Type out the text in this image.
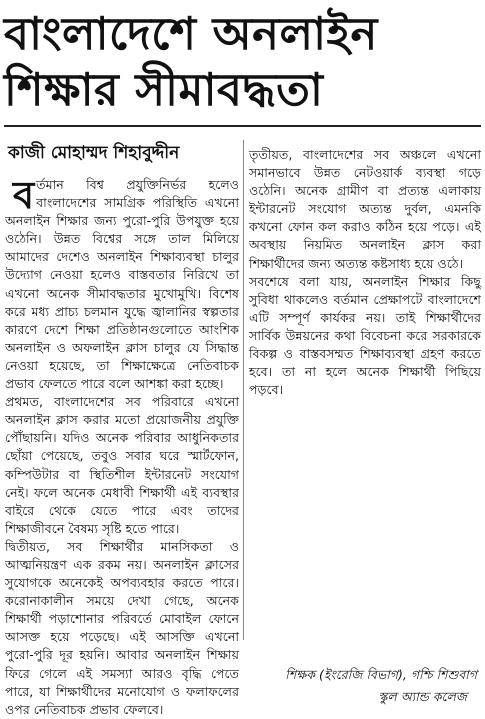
বাংলাদেশে অনলাইন
শিক্ষার সীমাবদ্ধতা
কাজী মোহাম্মদ শিহাবুদ্দীন

বর্তমান বিশ্ব প্রযুক্তিনির্ভর হলেও বাংলাদেশের সামগ্রিক পরিস্থিতি এখনো অনলাইন শিক্ষার জন্য পুরো-পুরি উপযুক্ত হয়ে ওঠেনি। উন্নত বিশ্বের সঙ্গে তাল মিলিয়ে আমাদের দেশেও অনলাইন শিক্ষাব্যবস্থা চালুর উদ্যোগ নেওয়া হলেও বাস্তবতার নিরিখে তা এখনো অনেক সীমাবদ্ধতার মুখোমুখি। বিশেষ করে মধ্য প্রাচ্য চলমান যুদ্ধে জ্বালানির স্বল্পতার কারণে দেশে শিক্ষা প্রতিষ্ঠানগুলোতে আংশিক অনলাইন ও অফলাইন ক্লাস চালুর যে সিদ্ধান্ত নেওয়া হয়েছে, তা শিক্ষাক্ষেত্রে নেতিবাচক প্রভাব ফেলতে পারে বলে আশঙ্কা করা হচ্ছে।

প্রথমত, বাংলাদেশের সব পরিবারে এখনো অনলাইন ক্লাস করার মতো প্রয়োজনীয় প্রযুক্তি পৌঁছায়নি। যদিও অনেক পরিবার আধুনিকতার ছোঁয়া পেয়েছে, তবুও সবার ঘরে স্মার্টফোন, কম্পিউটার বা স্থিতিশীল ইন্টারনেট সংযোগ নেই। ফলে অনেক মেধাবী শিক্ষার্থী এই ব্যবস্থার বাইরে থেকে যেতে পারে এবং তাদের শিক্ষাজীবনে বৈষম্য সৃষ্টি হতে পারে।

দ্বিতীয়ত, সব শিক্ষার্থীর মানসিকতা ও আত্মনিয়ন্ত্রণ এক রকম নয়। অনলাইন ক্লাসের সুযোগকে অনেকেই অপব্যবহার করতে পারে। করোনাকালীন সময়ে দেখা গেছে, অনেক শিক্ষার্থী পড়াশোনার পরিবর্তে মোবাইল ফোনে আসক্ত হয়ে পড়েছে। এই আসক্তি এখনো পুরো-পুরি দূর হয়নি। আবার অনলাইন শিক্ষায় ফিরে গেলে এই সমস্যা আরও বৃদ্ধি পেতে পারে, যা শিক্ষার্থীদের মনোযোগ ও ফলাফলের ওপর নেতিবাচক প্রভাব ফেলবে।

তৃতীয়ত, বাংলাদেশের সব অঞ্চলে এখনো সমানভাবে উন্নত নেটওয়ার্ক ব্যবস্থা গড়ে ওঠেনি। অনেক গ্রামীণ বা প্রত্যন্ত এলাকায় ইন্টারনেট সংযোগ অত্যন্ত দুর্বল, এমনকি কখনো ফোন কল করাও কঠিন হয়ে পড়ে। এই অবস্থায় নিয়মিত অনলাইন ক্লাস করা শিক্ষার্থীদের জন্য অত্যন্ত কষ্টসাধ্য হয়ে ওঠে।

সবশেষে বলা যায়, অনলাইন শিক্ষার কিছু সুবিধা থাকলেও বর্তমান প্রেক্ষাপটে বাংলাদেশে এটি সম্পূর্ণ কার্যকর নয়। তাই শিক্ষার্থীদের সার্বিক উন্নয়নের কথা বিবেচনা করে সরকারকে বিকল্প ও বাস্তবসম্মত শিক্ষাব্যবস্থা গ্রহণ করতে হবে। তা না হলে অনেক শিক্ষার্থী পিছিয়ে পড়বে।

শিক্ষক (ইংরেজি বিভাগ), গশ্চি শিশুবাগ
স্কুল অ্যান্ড কলেজ
